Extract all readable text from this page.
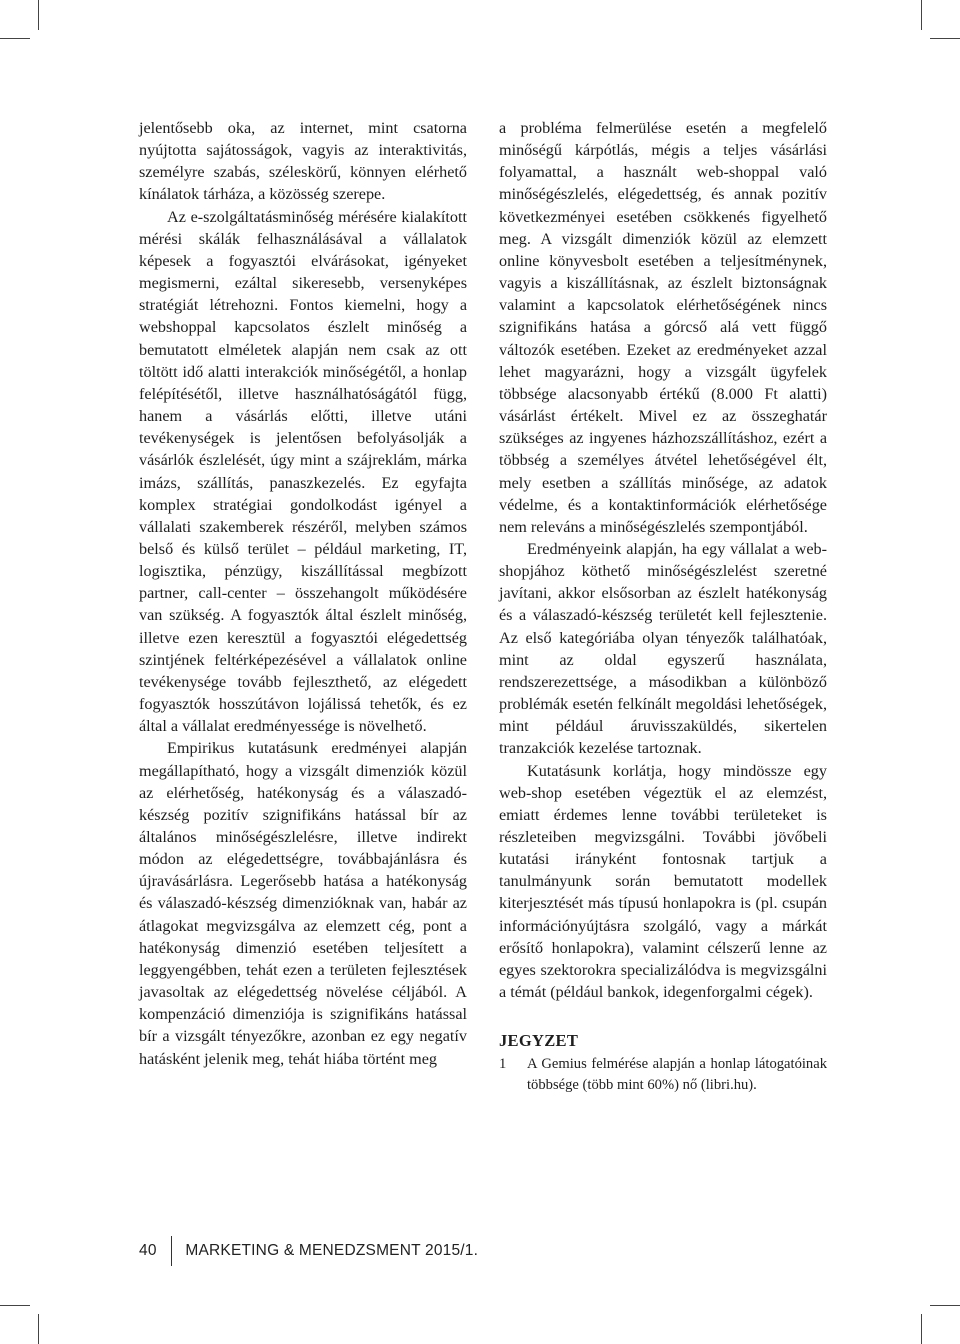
jelentősebb oka, az internet, mint csatorna nyújtotta sajátosságok, vagyis az interaktivitás, személyre szabás, széleskörű, könnyen elérhető kínálatok tárháza, a közösség szerepe.

Az e-szolgáltatásminőség mérésére kialakított mérési skálák felhasználásával a vállalatok képesek a fogyasztói elvárásokat, igényeket megismerni, ezáltal sikeresebb, versenyképes stratégiát létrehozni. Fontos kiemelni, hogy a webshoppal kapcsolatos észlelt minőség a bemutatott elméletek alapján nem csak az ott töltött idő alatti interakciók minőségétől, a honlap felépítésétől, illetve használhatóságától függ, hanem a vásárlás előtti, illetve utáni tevékenységek is jelentősen befolyásolják a vásárlók észlelését, úgy mint a szájreklám, márka imázs, szállítás, panaszkezelés. Ez egyfajta komplex stratégiai gondolkodást igényel a vállalati szakemberek részéről, melyben számos belső és külső terület – például marketing, IT, logisztika, pénzügy, kiszállítással megbízott partner, call-center – összehangolt működésére van szükség. A fogyasztók által észlelt minőség, illetve ezen keresztül a fogyasztói elégedettség szintjének feltérképezésével a vállalatok online tevékenysége tovább fejleszthető, az elégedett fogyasztók hosszútávon lojálissá tehetők, és ez által a vállalat eredményessége is növelhető.

Empirikus kutatásunk eredményei alapján megállapítható, hogy a vizsgált dimenziók közül az elérhetőség, hatékonyság és a válaszadó-készség pozitív szignifikáns hatással bír az általános minőségészlelésre, illetve indirekt módon az elégedettségre, továbbajánlásra és újravásárlásra. Legerősebb hatása a hatékonyság és válaszadó-készség dimenzióknak van, habár az átlagokat megvizsgálva az elemzett cég, pont a hatékonyság dimenzió esetében teljesített a leggyengébben, tehát ezen a területen fejlesztések javasoltak az elégedettség növelése céljából. A kompenzáció dimenziója is szignifikáns hatással bír a vizsgált tényezőkre, azonban ez egy negatív hatásként jelenik meg, tehát hiába történt meg

a probléma felmerülése esetén a megfelelő minőségű kárpótlás, mégis a teljes vásárlási folyamattal, a használt web-shoppal való minőségészlelés, elégedettség, és annak pozitív következményei esetében csökkenés figyelhető meg. A vizsgált dimenziók közül az elemzett online könyvesbolt esetében a teljesítménynek, vagyis a kiszállításnak, az észlelt biztonságnak valamint a kapcsolatok elérhetőségének nincs szignifikáns hatása a górcső alá vett függő változók esetében. Ezeket az eredményeket azzal lehet magyarázni, hogy a vizsgált ügyfelek többsége alacsonyabb értékű (8.000 Ft alatti) vásárlást értékelt. Mivel ez az összeghatár szükséges az ingyenes házhozszállításhoz, ezért a többség a személyes átvétel lehetőségével élt, mely esetben a szállítás minősége, az adatok védelme, és a kontaktinformációk elérhetősége nem releváns a minőségészlelés szempontjából.

Eredményeink alapján, ha egy vállalat a web-shopjához köthető minőségészlelést szeretné javítani, akkor elsősorban az észlelt hatékonyság és a válaszadó-készség területét kell fejlesztenie. Az első kategóriába olyan tényezők találhatóak, mint az oldal egyszerű használata, rendszerezettsége, a másodikban a különböző problémák esetén felkínált megoldási lehetőségek, mint például áruvisszaküldés, sikertelen tranzakciók kezelése tartoznak.

Kutatásunk korlátja, hogy mindössze egy web-shop esetében végeztük el az elemzést, emiatt érdemes lenne további területeket is részleteiben megvizsgálni. További jövőbeli kutatási irányként fontosnak tartjuk a tanulmányunk során bemutatott modellek kiterjesztését más típusú honlapokra is (pl. csupán információnyújtásra szolgáló, vagy a márkát erősítő honlapokra), valamint célszerű lenne az egyes szektorokra specializálódva is megvizsgálni a témát (például bankok, idegenforgalmi cégek).

JEGYZET
1	A Gemius felmérése alapján a honlap látogatóinak többsége (több mint 60%) nő (libri.hu).
40	MARKETING & MENEDZSMENT 2015/1.
